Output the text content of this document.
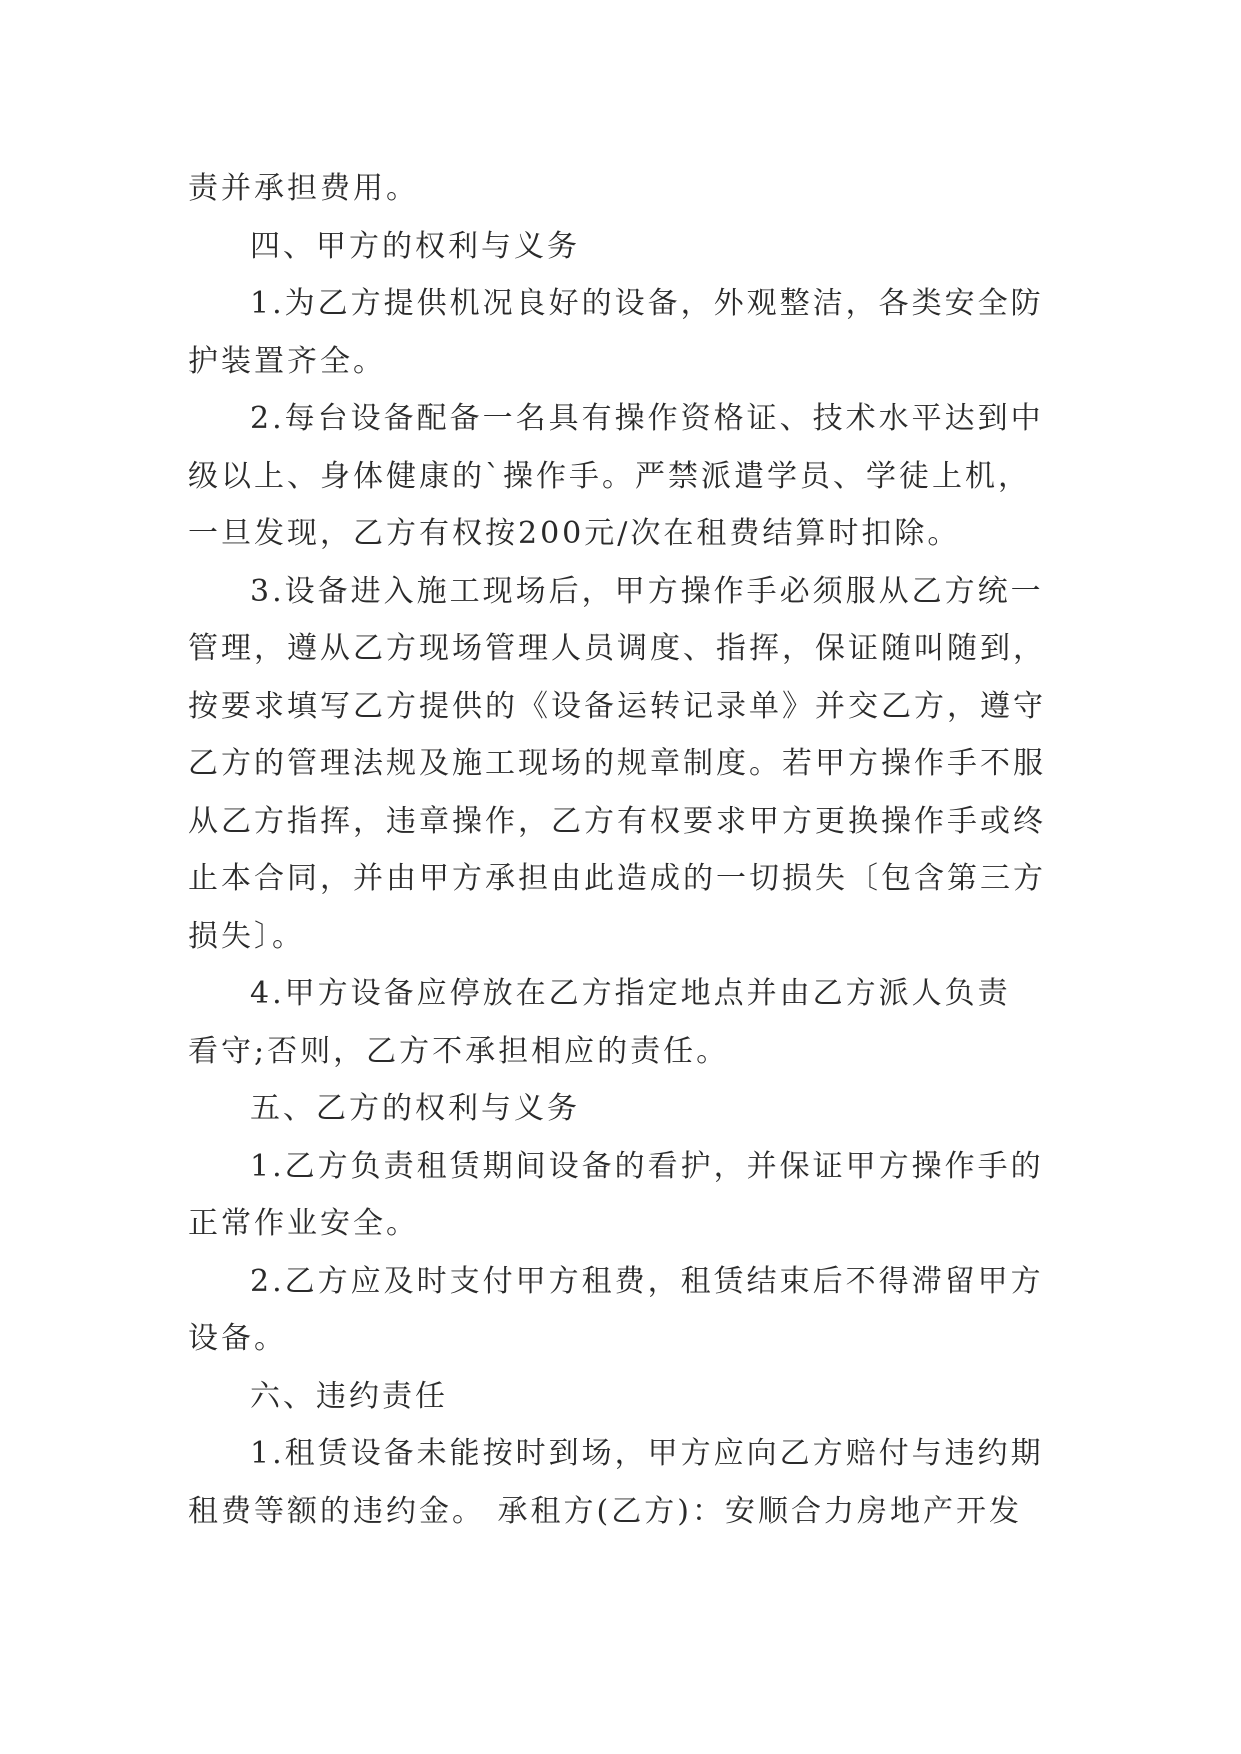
责并承担费用。
四、甲方的权利与义务
1.为乙方提供机况良好的设备，外观整洁，各类安全防
护装置齐全。
2.每台设备配备一名具有操作资格证、技术水平达到中
级以上、身体健康的`操作手。严禁派遣学员、学徒上机，
一旦发现，乙方有权按200元/次在租费结算时扣除。
3.设备进入施工现场后，甲方操作手必须服从乙方统一
管理，遵从乙方现场管理人员调度、指挥，保证随叫随到，
按要求填写乙方提供的《设备运转记录单》并交乙方，遵守
乙方的管理法规及施工现场的规章制度。若甲方操作手不服
从乙方指挥，违章操作，乙方有权要求甲方更换操作手或终
止本合同，并由甲方承担由此造成的一切损失〔包含第三方
损失〕。
4.甲方设备应停放在乙方指定地点并由乙方派人负责
看守;否则，乙方不承担相应的责任。
五、乙方的权利与义务
1.乙方负责租赁期间设备的看护，并保证甲方操作手的
正常作业安全。
2.乙方应及时支付甲方租费，租赁结束后不得滞留甲方
设备。
六、违约责任
1.租赁设备未能按时到场，甲方应向乙方赔付与违约期
租费等额的违约金。 承租方(乙方)：安顺合力房地产开发
